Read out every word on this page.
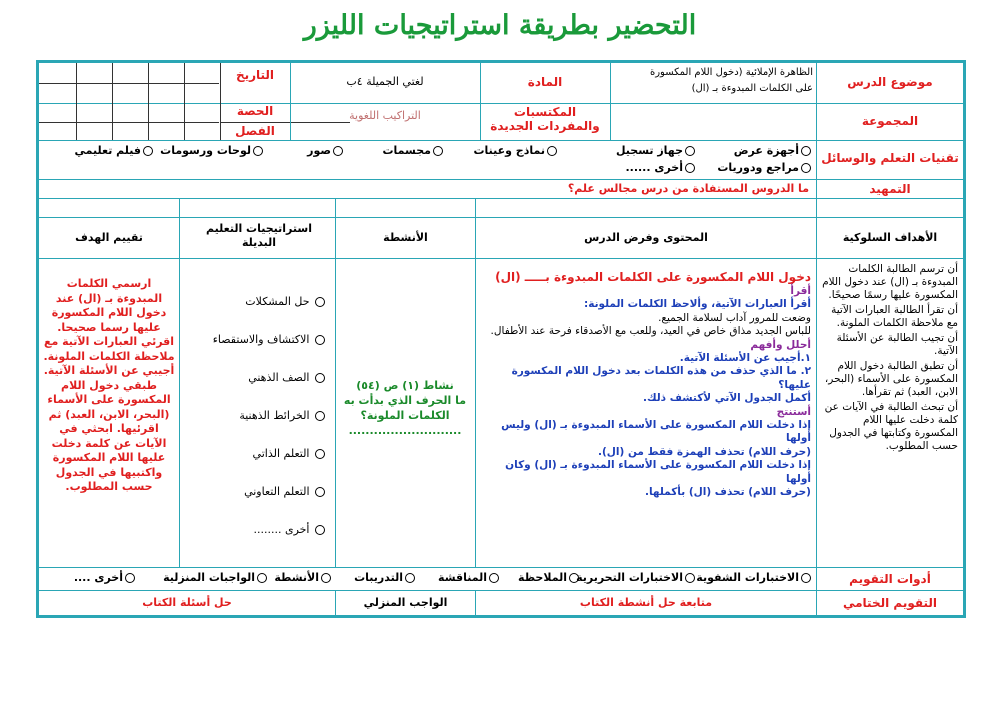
التحضير بطريقة استراتيجيات الليزر
موضوع الدرس
الظاهرة الإملائية (دخول اللام المكسورة
على الكلمات المبدوءة بـ (ال)
المادة
لغتي الجميلة ٤ب
التاريخ
المجموعة
المكتسبات والمفردات الجديدة
التراكيب اللغوية
الحصة
الفصل
تقنيات التعلم والوسائل
أجهزة عرض
جهاز تسجيل
نماذج وعينات
مجسمات
صور
لوحات ورسومات
فيلم تعليمي
مراجع ودوريات
أخرى ......
التمهيد
ما الدروس المستفادة من درس مجالس علم؟
الأهداف السلوكية
المحتوى وفرض الدرس
الأنشطة
استراتيجيات التعليم البديلة
تقييم الهدف
أن ترسم الطالبة الكلمات المبدوءة بـ (ال) عند دخول اللام المكسورة عليها رسمًا صحيحًا.
أن تقرأ الطالبة العبارات الآتية مع ملاحظة الكلمات الملونة.
أن تجيب الطالبة عن الأسئلة الآتية.
أن تطبق الطالبة دخول اللام المكسورة على الأسماء (البحر، الابن، العبد) ثم تقرأها.
أن تبحث الطالبة في الآيات عن كلمة دخلت عليها اللام المكسورة وكتابتها في الجدول حسب المطلوب.
دخول اللام المكسورة على الكلمات المبدوءة بـــــ (ال)
أقرأ
أقرأ العبارات الآتية، وألاحظ الكلمات الملونة:
وضعت للمرور آداب لسلامة الجميع.
للباس الجديد مذاق خاص في العيد، وللعب مع الأصدقاء فرحة عند الأطفال.
أحلل وأفهم
١.أجيب عن الأسئلة الآتية.
٢. ما الذي حذف من هذه الكلمات بعد دخول اللام المكسورة عليها؟
أكمل الجدول الآتي لأكتشف ذلك.
أستنتج
إذا دخلت اللام المكسورة على الأسماء المبدوءة بـ (ال) وليس أولها
(حرف اللام) تحذف الهمزة فقط من (ال).
إذا دخلت اللام المكسورة على الأسماء المبدوءة بـ (ال) وكان أولها
(حرف اللام) تحذف (ال) بأكملها.
نشاط (١) ص (٥٤)
ما الحرف الذي بدأت به الكلمات الملونة؟
...........................
حل المشكلات
الاكتشاف والاستقصاء
الصف الذهني
الخرائط الذهنية
التعلم الذاتي
التعلم التعاوني
أخرى ........
ارسمي الكلمات المبدوءة بـ (ال) عند دخول اللام المكسورة عليها رسما صحيحا. اقرئي العبارات الآتية مع ملاحظة الكلمات الملونة. أجيبي عن الأسئلة الآتية. طبقي دخول اللام المكسورة على الأسماء (البحر، الابن، العبد) ثم اقرئيها. ابحثي في الآيات عن كلمة دخلت عليها اللام المكسورة واكتبيها في الجدول حسب المطلوب.
أدوات التقويم
الاختبارات الشفوية
الاختبارات التحريرية
الملاحظة
المناقشة
التدريبات
الأنشطة
الواجبات المنزلية
أخرى ....
التقويم الختامي
متابعة حل أنشطة الكتاب
الواجب المنزلي
حل أسئلة الكتاب
